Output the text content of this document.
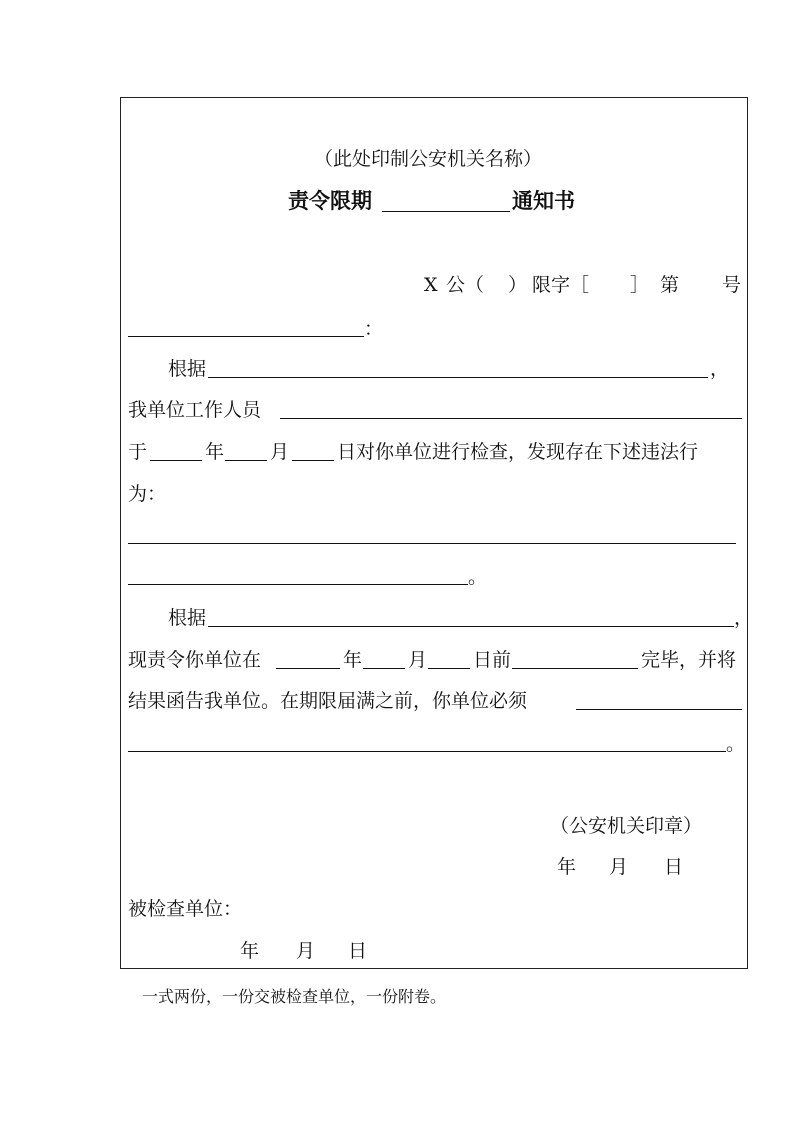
（此处印制公安机关名称）
责令限期	通知书
X 公（ ） 限字［ ］ 第 号
：
根据	，
我单位工作人员
于	年 月	日对你单位进行检查，发现存在下述违法行
为：
。
根据	，
现责令你单位在	年 月 日前	完毕，并将
结果函告我单位。在期限届满之前，你单位必须
。
（公安机关印章）
年 月 日
被检查单位：
年 月 日
一式两份，一份交被检查单位，一份附卷。
